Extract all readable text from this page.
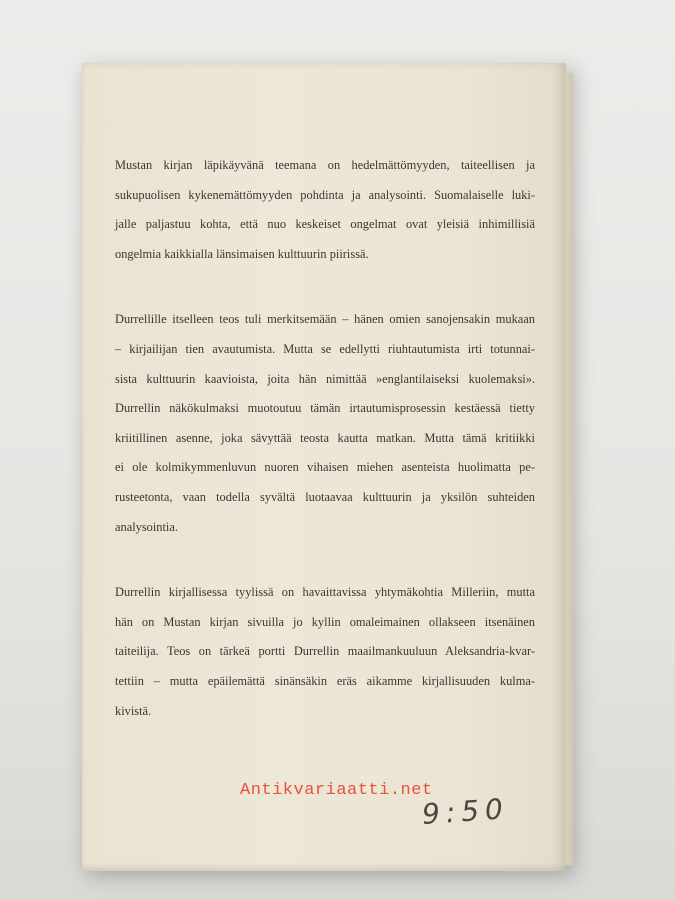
Mustan kirjan läpikäyvänä teemana on hedelmättömyyden, taiteellisen ja
sukupuolisen kykenemättömyyden pohdinta ja analysointi. Suomalaiselle luki-
jalle paljastuu kohta, että nuo keskeiset ongelmat ovat yleisiä inhimillisiä
ongelmia kaikkialla länsimaisen kulttuurin piirissä.
Durrellille itselleen teos tuli merkitsemään – hänen omien sanojensakin mukaan
– kirjailijan tien avautumista. Mutta se edellytti riuhtautumista irti totunnai-
sista kulttuurin kaavioista, joita hän nimittää »englantilaiseksi kuolemaksi».
Durrellin näkökulmaksi muotoutuu tämän irtautumisprosessin kestäessä tietty
kriitillinen asenne, joka sävyttää teosta kautta matkan. Mutta tämä kritiikki
ei ole kolmikymmenluvun nuoren vihaisen miehen asenteista huolimatta pe-
rusteetonta, vaan todella syvältä luotaavaa kulttuurin ja yksilön suhteiden
analysointia.
Durrellin kirjallisessa tyylissä on havaittavissa yhtymäkohtia Milleriin, mutta
hän on Mustan kirjan sivuilla jo kyllin omaleimainen ollakseen itsenäinen
taiteilija. Teos on tärkeä portti Durrellin maailmankuuluun Aleksandria-kvar-
tettiin – mutta epäilemättä sinänsäkin eräs aikamme kirjallisuuden kulma-
kivistä.
9:50
Antikvariaatti.net
